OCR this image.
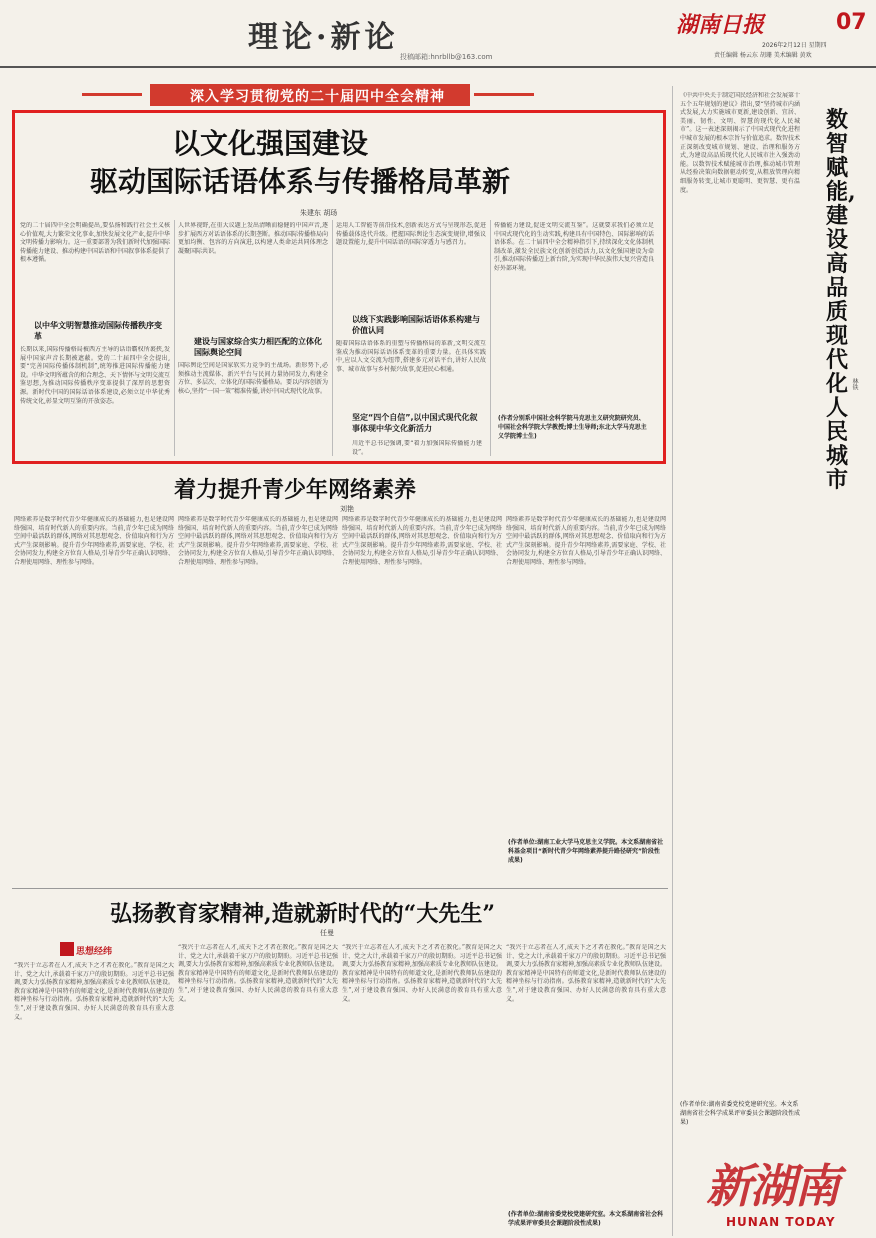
理论·新论
投稿邮箱:hnrbllb@163.com
湖南日报	07
2026年2月12日 星期四
责任编辑 杨云东 胡珊 美术编辑 黄欢
深入学习贯彻党的二十届四中全会精神
以文化强国建设
驱动国际话语体系与传播格局革新
朱建东 胡玚
党的二十届四中全会明确提出,要弘扬和践行社会主义核心价值观,大力繁荣文化事业,加快发展文化产业,提升中华文明传播力影响力。这一重要部署为我们新时代加强国际传播能力建设、推动构建中国话语和中国叙事体系提供了根本遵循。
以中华文明智慧推动国际传播秩序变革
长期以来,国际传播格局被西方主导的话语霸权所裹挟,发展中国家声音长期被遮蔽。党的二十届四中全会提出,要“完善国际传播体制机制”,统筹推进国际传播能力建设。中华文明所蕴含的和合理念、天下情怀与文明交流互鉴思想,为推动国际传播秩序变革提供了深厚的思想资源。新时代中国的国际话语体系建设,必须立足中华优秀传统文化,彰显文明互鉴的开放姿态。
人世界视野,在重大议题上发出清晰而稳健的中国声音,逐步扩展西方对话语体系的长期垄断。推动国际传播格局向更加均衡、包容的方向演进,以构建人类命运共同体理念凝聚国际共识。
建设与国家综合实力相匹配的立体化国际舆论空间
国际舆论空间是国家软实力竞争的主战场。新形势下,必须推动主流媒体、新兴平台与民间力量协同发力,构建全方位、多层次、立体化的国际传播格局。要以内容创新为核心,坚持“一国一策”精准传播,讲好中国式现代化故事。
运用人工智能等前沿技术,创新表达方式与呈现形态,促进传播载体迭代升级。把握国际舆论生态演变规律,增强议题设置能力,提升中国话语的国际穿透力与感召力。
以线下实践影响国际话语体系构建与价值认同
随着国际话语体系的重塑与传播格局的革新,文明交流互鉴成为推动国际话语体系变革的重要力量。在具体实践中,应以人文交流为纽带,搭建多元对话平台,讲好人民故事、城市故事与乡村振兴故事,促进民心相通。
坚定“四个自信”,以中国式现代化叙事体现中华文化新活力
川近平总书记强调,要“着力加强国际传播能力建设”。
传播能力建设,促进文明交流互鉴”。这就要求我们必须立足中国式现代化的生动实践,构建具有中国特色、国际影响的话语体系。在二十届四中全会精神指引下,持续深化文化体制机制改革,激发全民族文化创新创造活力,以文化强国建设为牵引,推动国际传播迈上新台阶,为实现中华民族伟大复兴营造良好外部环境。
(作者分别系中国社会科学院马克思主义研究院研究员、中国社会科学院大学教授;博士生导师;东北大学马克思主义学院博士生)
《中共中央关于制定国民经济和社会发展第十五个五年规划的建议》指出,要“坚持城市内涵式发展,大力实施城市更新,建设创新、宜居、美丽、韧性、文明、智慧的现代化人民城市”。这一表述深刻揭示了中国式现代化进程中城市发展的根本宗旨与价值追求。数智技术正深刻改变城市规划、建设、治理和服务方式,为建设高品质现代化人民城市注入强劲动能。以数智技术赋能城市治理,推动城市管理从经验决策向数据驱动转变,从粗放管理向精细服务转变,让城市更聪明、更智慧、更有温度。
数智赋能,建设高品质现代化人民城市
林铁
着力提升青少年网络素养
刘艳
网络素养是数字时代青少年健康成长的基础能力,也是建设网络强国、培育时代新人的重要内容。当前,青少年已成为网络空间中最活跃的群体,网络对其思想观念、价值取向和行为方式产生深刻影响。提升青少年网络素养,需要家庭、学校、社会协同发力,构建全方位育人格局,引导青少年正确认识网络、合理使用网络、理性参与网络。
网络素养是数字时代青少年健康成长的基础能力,也是建设网络强国、培育时代新人的重要内容。当前,青少年已成为网络空间中最活跃的群体,网络对其思想观念、价值取向和行为方式产生深刻影响。提升青少年网络素养,需要家庭、学校、社会协同发力,构建全方位育人格局,引导青少年正确认识网络、合理使用网络、理性参与网络。
网络素养是数字时代青少年健康成长的基础能力,也是建设网络强国、培育时代新人的重要内容。当前,青少年已成为网络空间中最活跃的群体,网络对其思想观念、价值取向和行为方式产生深刻影响。提升青少年网络素养,需要家庭、学校、社会协同发力,构建全方位育人格局,引导青少年正确认识网络、合理使用网络、理性参与网络。
网络素养是数字时代青少年健康成长的基础能力,也是建设网络强国、培育时代新人的重要内容。当前,青少年已成为网络空间中最活跃的群体,网络对其思想观念、价值取向和行为方式产生深刻影响。提升青少年网络素养,需要家庭、学校、社会协同发力,构建全方位育人格局,引导青少年正确认识网络、合理使用网络、理性参与网络。
(作者单位:湖南工业大学马克思主义学院。本文系湖南省社科基金项目“新时代青少年网络素养提升路径研究”阶段性成果)
弘扬教育家精神,造就新时代的“大先生”
任曼
思想经纬
“我兴于立志者在人才,成天下之才者在教化。”教育是国之大计、党之大计,承载着千家万户的殷切期盼。习近平总书记强调,要大力弘扬教育家精神,加强高素质专业化教师队伍建设。教育家精神是中国特有的师道文化,是新时代教师队伍建设的精神坐标与行动指南。弘扬教育家精神,造就新时代的“大先生”,对于建设教育强国、办好人民满意的教育具有重大意义。
“我兴于立志者在人才,成天下之才者在教化。”教育是国之大计、党之大计,承载着千家万户的殷切期盼。习近平总书记强调,要大力弘扬教育家精神,加强高素质专业化教师队伍建设。教育家精神是中国特有的师道文化,是新时代教师队伍建设的精神坐标与行动指南。弘扬教育家精神,造就新时代的“大先生”,对于建设教育强国、办好人民满意的教育具有重大意义。
“我兴于立志者在人才,成天下之才者在教化。”教育是国之大计、党之大计,承载着千家万户的殷切期盼。习近平总书记强调,要大力弘扬教育家精神,加强高素质专业化教师队伍建设。教育家精神是中国特有的师道文化,是新时代教师队伍建设的精神坐标与行动指南。弘扬教育家精神,造就新时代的“大先生”,对于建设教育强国、办好人民满意的教育具有重大意义。
“我兴于立志者在人才,成天下之才者在教化。”教育是国之大计、党之大计,承载着千家万户的殷切期盼。习近平总书记强调,要大力弘扬教育家精神,加强高素质专业化教师队伍建设。教育家精神是中国特有的师道文化,是新时代教师队伍建设的精神坐标与行动指南。弘扬教育家精神,造就新时代的“大先生”,对于建设教育强国、办好人民满意的教育具有重大意义。
(作者单位:湖南省委党校党建研究室。本文系湖南省社会科学成果评审委员会课题阶段性成果)
(作者单位:湖南省委党校党建研究室。本文系湖南省社会科学成果评审委员会课题阶段性成果)
新湖南
HUNAN TODAY
